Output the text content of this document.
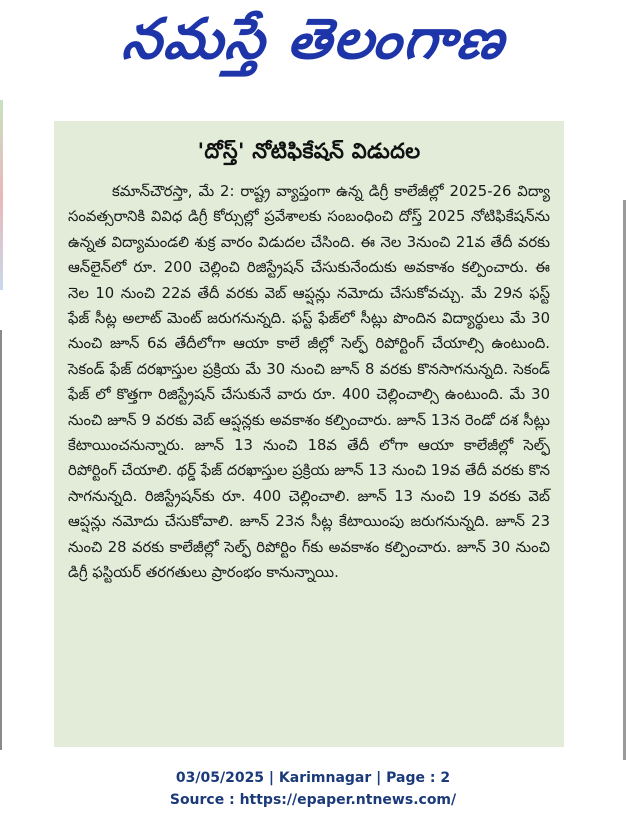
నమస్తే తెలంగాణ
'దోస్త్' నోటిఫికేషన్ విడుదల

కమాన్‌చౌరస్తా, మే 2: రాష్ట్ర వ్యాప్తంగా ఉన్న డిగ్రీ కాలేజీల్లో 2025-26 విద్యా సంవత్సరానికి వివిధ డిగ్రీ కోర్సుల్లో ప్రవేశాలకు సంబంధించి దోస్త్ 2025 నోటిఫికేషన్‌ను ఉన్నత విద్యామండలి శుక్ర వారం విడుదల చేసింది. ఈ నెల 3నుంచి 21వ తేదీ వరకు ఆన్‌లైన్‌లో రూ. 200 చెల్లించి రిజిస్ట్రేషన్ చేసుకునేందుకు అవకాశం కల్పించారు. ఈ నెల 10 నుంచి 22వ తేదీ వరకు వెబ్ ఆప్షన్లు నమోదు చేసుకోవచ్చు. మే 29న ఫస్ట్ ఫేజ్ సీట్ల అలాట్ మెంట్ జరుగనున్నది. ఫస్ట్ ఫేజ్‌లో సీట్లు పొందిన విద్యార్థులు మే 30 నుంచి జూన్ 6వ తేదీలోగా ఆయా కాలే జీల్లో సెల్ఫ్ రిపోర్టింగ్ చేయాల్సి ఉంటుంది. సెకండ్ ఫేజ్ దరఖాస్తుల ప్రక్రియ మే 30 నుంచి జూన్ 8 వరకు కొనసాగనున్నది. సెకండ్ ఫేజ్ లో కొత్తగా రిజిస్ట్రేషన్ చేసుకునే వారు రూ. 400 చెల్లించాల్సి ఉంటుంది. మే 30 నుంచి జూన్ 9 వరకు వెబ్ ఆప్షన్లకు అవకాశం కల్పించారు. జూన్ 13న రెండో దశ సీట్లు కేటాయించనున్నారు. జూన్ 13 నుంచి 18వ తేదీ లోగా ఆయా కాలేజీల్లో సెల్ఫ్ రిపోర్టింగ్ చేయాలి. థర్డ్ ఫేజ్ దరఖాస్తుల ప్రక్రియ జూన్ 13 నుంచి 19వ తేదీ వరకు కొన సాగనున్నది. రిజిస్ట్రేషన్‌కు రూ. 400 చెల్లించాలి. జూన్ 13 నుంచి 19 వరకు వెబ్ ఆప్షన్లు నమోదు చేసుకోవాలి. జూన్ 23న సీట్ల కేటాయింపు జరుగనున్నది. జూన్ 23 నుంచి 28 వరకు కాలేజీల్లో సెల్ఫ్ రిపోర్టిం గ్‌కు అవకాశం కల్పించారు. జూన్ 30 నుంచి డిగ్రీ ఫస్టియర్ తరగతులు ప్రారంభం కానున్నాయి.

03/05/2025 | Karimnagar | Page : 2
Source : https://epaper.ntnews.com/
